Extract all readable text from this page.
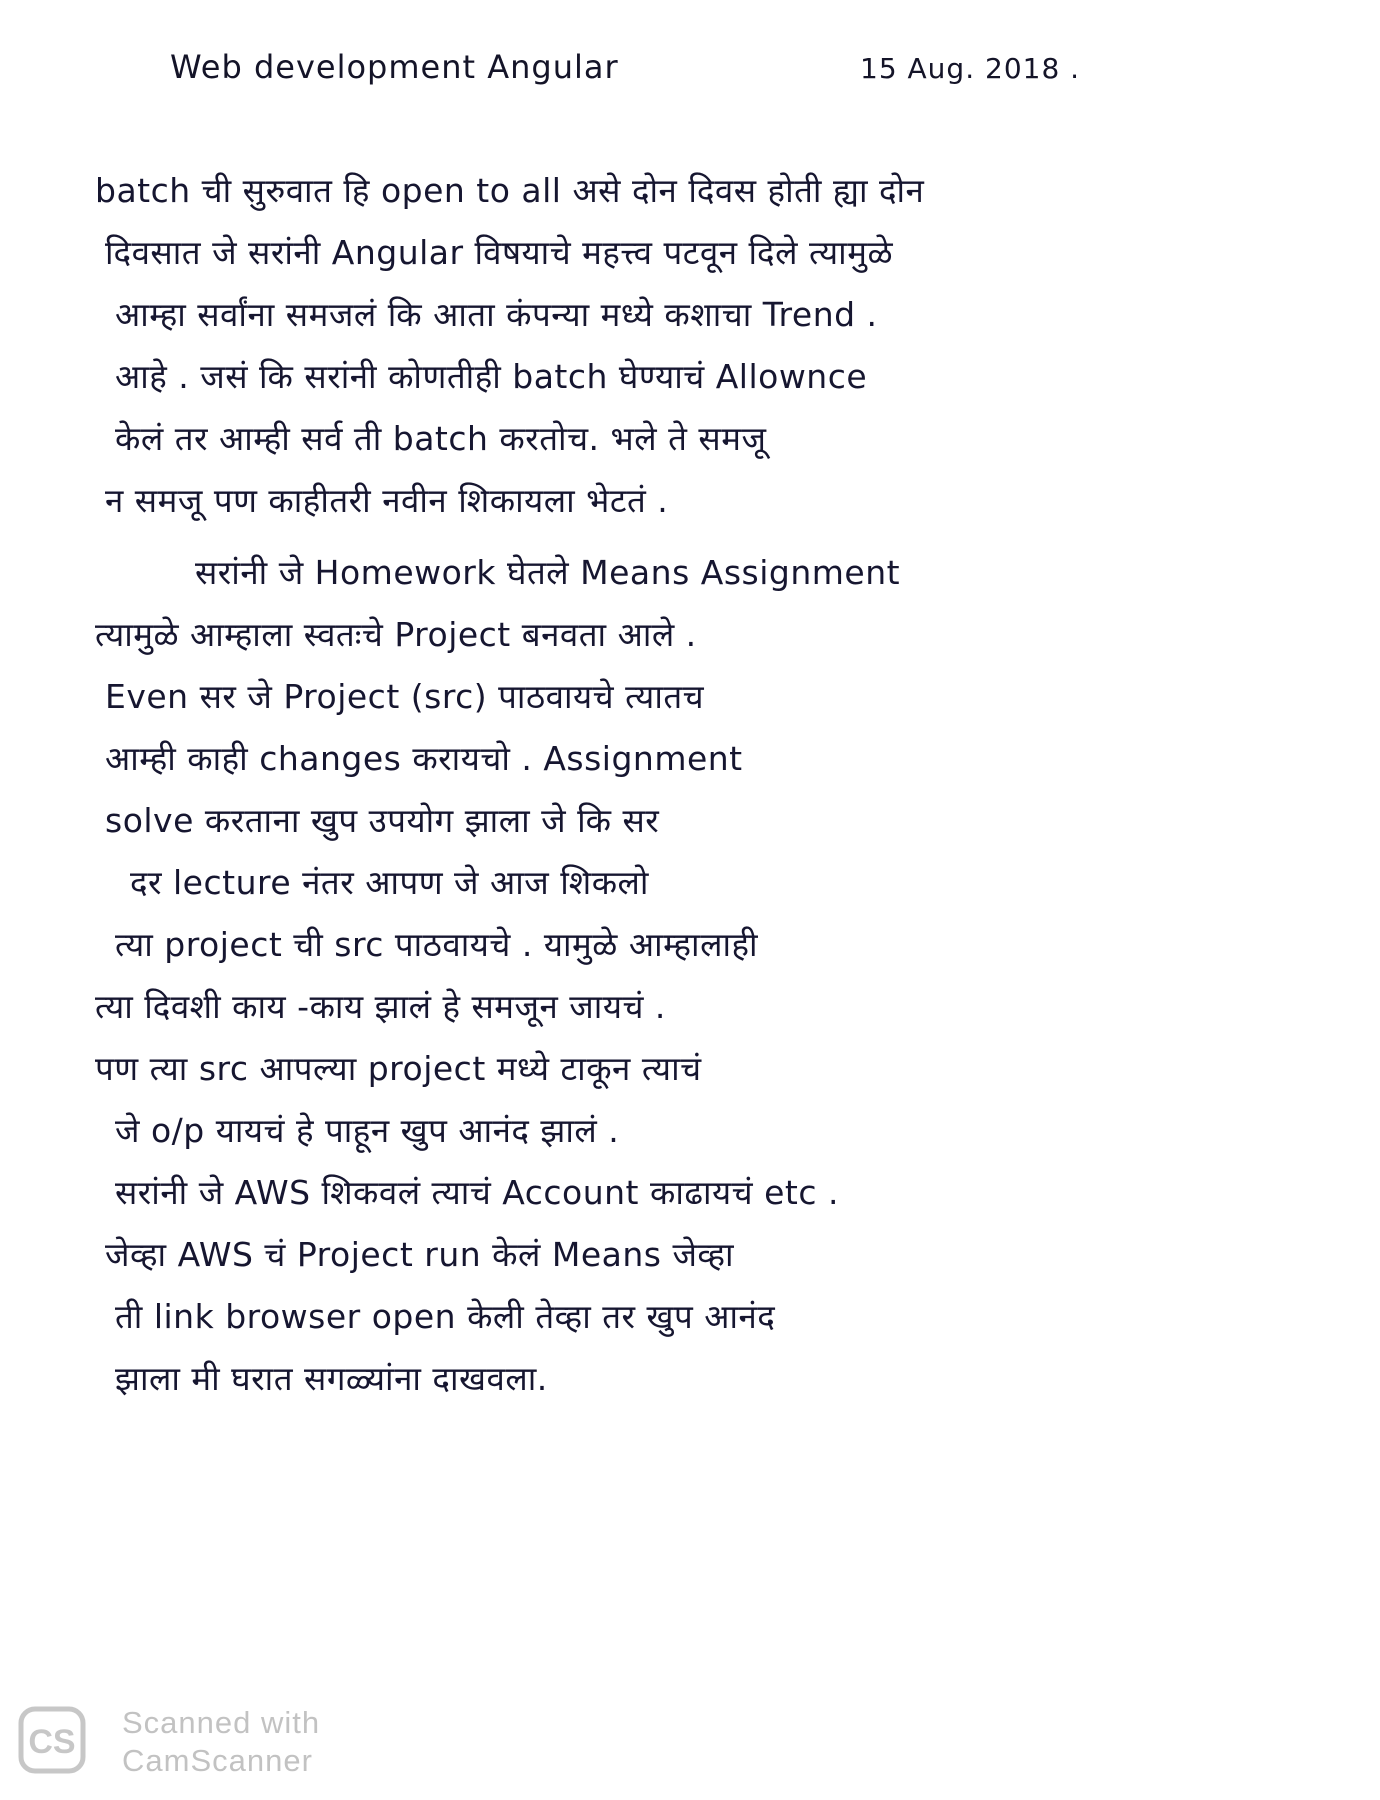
Web development Angular	15 Aug. 2018 .
batch ची सुरुवात हि open to all असे दोन दिवस होती ह्या दोन
दिवसात जे सरांनी Angular विषयाचे महत्त्व पटवून दिले त्यामुळे
आम्हा सर्वांना समजलं कि आता कंपन्या मध्ये कशाचा Trend .
आहे . जसं कि सरांनी कोणतीही batch घेण्याचं Allownce
केलं तर आम्ही सर्व ती batch करतोच. भले ते समजू
न समजू पण काहीतरी नवीन शिकायला भेटतं .
सरांनी जे Homework घेतले Means Assignment
त्यामुळे आम्हाला स्वतःचे Project बनवता आले .
Even सर जे Project (src) पाठवायचे त्यातच
आम्ही काही changes करायचो . Assignment
solve करताना खुप उपयोग झाला जे कि सर
दर lecture नंतर आपण जे आज शिकलो
त्या project ची src पाठवायचे . यामुळे आम्हालाही
त्या दिवशी काय -काय झालं हे समजून जायचं .
पण त्या src आपल्या project मध्ये टाकून त्याचं
जे o/p यायचं हे पाहून खुप आनंद झालं .
सरांनी जे AWS शिकवलं त्याचं Account काढायचं etc .
जेव्हा AWS चं Project run केलं Means जेव्हा
ती link browser open केली तेव्हा तर खुप आनंद
झाला मी घरात सगळ्यांना दाखवला.
CS
Scanned with
CamScanner
